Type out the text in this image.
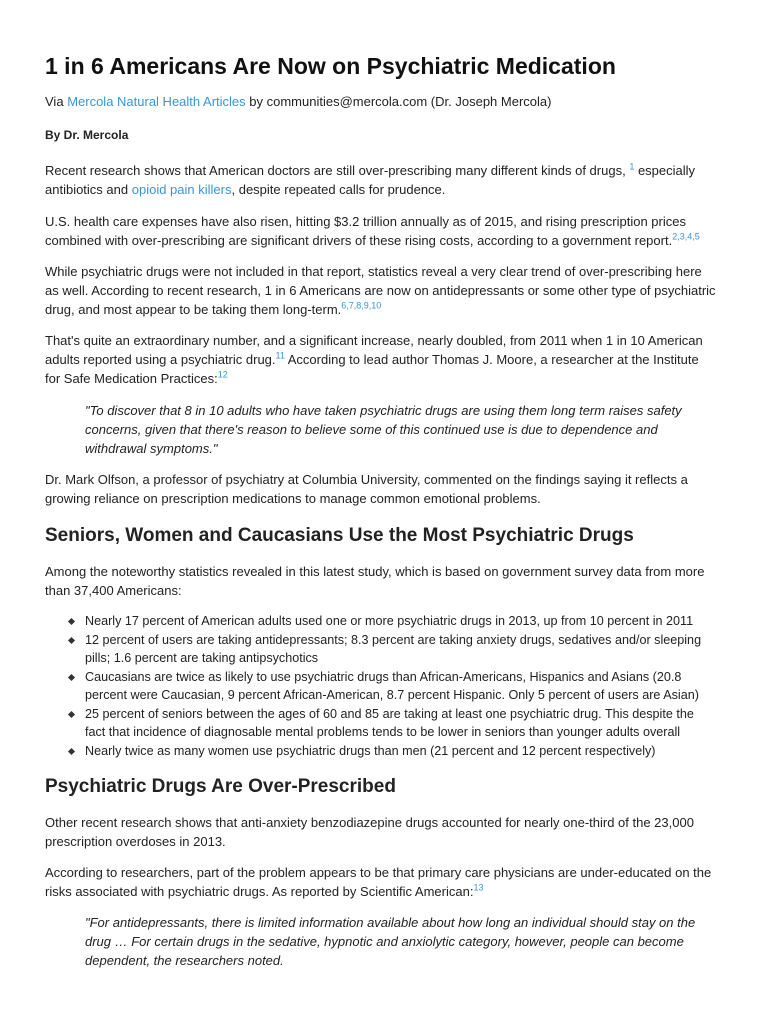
1 in 6 Americans Are Now on Psychiatric Medication

Via Mercola Natural Health Articles by communities@mercola.com (Dr. Joseph Mercola)

By Dr. Mercola

Recent research shows that American doctors are still over-prescribing many different kinds of drugs, $^1$ especially antibiotics and opioid pain killers, despite repeated calls for prudence.

U.S. health care expenses have also risen, hitting $3.2 trillion annually as of 2015, and rising prescription prices combined with over-prescribing are significant drivers of these rising costs, according to a government report.$^{2,3,4,5}$

While psychiatric drugs were not included in that report, statistics reveal a very clear trend of over-prescribing here as well. According to recent research, 1 in 6 Americans are now on antidepressants or some other type of psychiatric drug, and most appear to be taking them long-term.$^{6,7,8,9,10}$

That's quite an extraordinary number, and a significant increase, nearly doubled, from 2011 when 1 in 10 American adults reported using a psychiatric drug.$^{11}$ According to lead author Thomas J. Moore, a researcher at the Institute for Safe Medication Practices:$^{12}$

"To discover that 8 in 10 adults who have taken psychiatric drugs are using them long term raises safety concerns, given that there's reason to believe some of this continued use is due to dependence and withdrawal symptoms."

Dr. Mark Olfson, a professor of psychiatry at Columbia University, commented on the findings saying it reflects a growing reliance on prescription medications to manage common emotional problems.

Seniors, Women and Caucasians Use the Most Psychiatric Drugs

Among the noteworthy statistics revealed in this latest study, which is based on government survey data from more than 37,400 Americans:

Nearly 17 percent of American adults used one or more psychiatric drugs in 2013, up from 10 percent in 2011
12 percent of users are taking antidepressants; 8.3 percent are taking anxiety drugs, sedatives and/or sleeping pills; 1.6 percent are taking antipsychotics
Caucasians are twice as likely to use psychiatric drugs than African-Americans, Hispanics and Asians (20.8 percent were Caucasian, 9 percent African-American, 8.7 percent Hispanic. Only 5 percent of users are Asian)
25 percent of seniors between the ages of 60 and 85 are taking at least one psychiatric drug. This despite the fact that incidence of diagnosable mental problems tends to be lower in seniors than younger adults overall
Nearly twice as many women use psychiatric drugs than men (21 percent and 12 percent respectively)
Psychiatric Drugs Are Over-Prescribed

Other recent research shows that anti-anxiety benzodiazepine drugs accounted for nearly one-third of the 23,000 prescription overdoses in 2013.

According to researchers, part of the problem appears to be that primary care physicians are under-educated on the risks associated with psychiatric drugs. As reported by Scientific American:$^{13}$

"For antidepressants, there is limited information available about how long an individual should stay on the drug … For certain drugs in the sedative, hypnotic and anxiolytic category, however, people can become dependent, the researchers noted.
